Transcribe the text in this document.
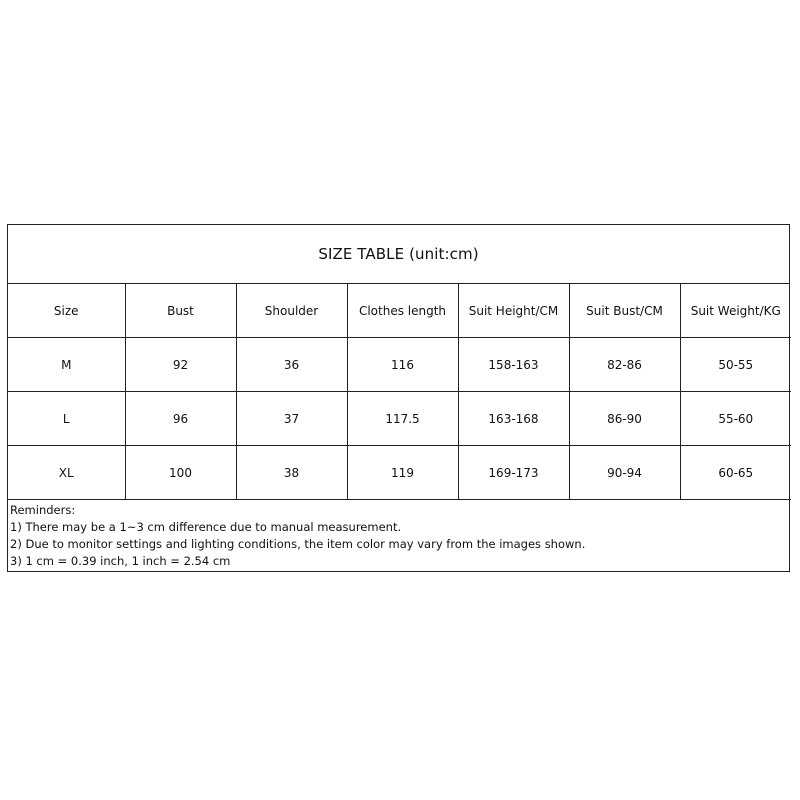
SIZE TABLE (unit:cm)
Size	Bust	Shoulder	Clothes length	Suit Height/CM	Suit Bust/CM	Suit Weight/KG
M	92	36	116	158-163	82-86	50-55
L	96	37	117.5	163-168	86-90	55-60
XL	100	38	119	169-173	90-94	60-65
Reminders:
1) There may be a 1~3 cm difference due to manual measurement.
2) Due to monitor settings and lighting conditions, the item color may vary from the images shown.
3) 1 cm = 0.39 inch, 1 inch = 2.54 cm
